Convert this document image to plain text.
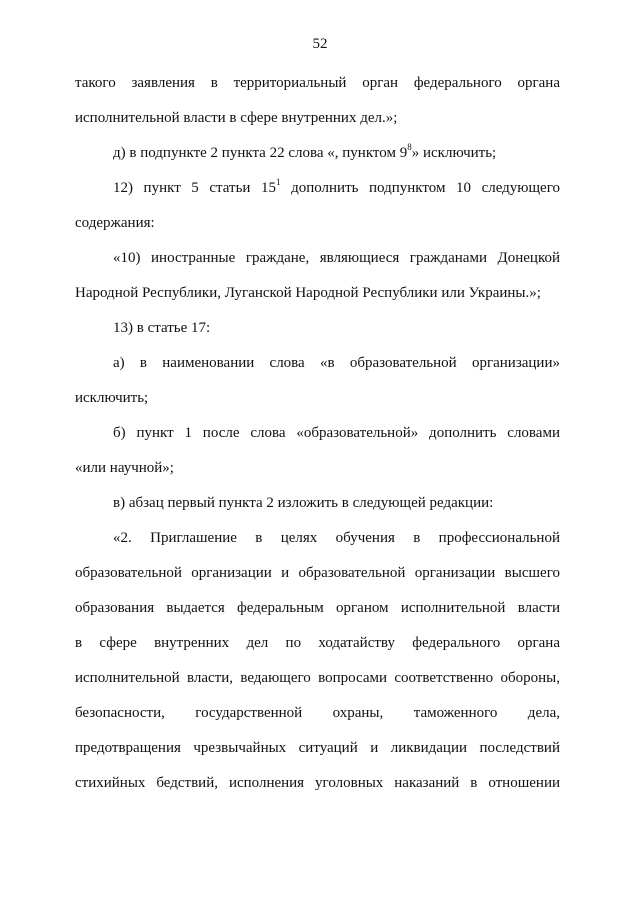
52
такого заявления в территориальный орган федерального органа
исполнительной власти в сфере внутренних дел.»;
д) в подпункте 2 пункта 22 слова «, пунктом $9^8$» исключить;
12) пункт 5 статьи $15^1$ дополнить подпунктом 10 следующего
содержания:
«10) иностранные граждане, являющиеся гражданами Донецкой
Народной Республики, Луганской Народной Республики или Украины.»;
13) в статье 17:
а) в наименовании слова «в образовательной организации»
исключить;
б) пункт 1 после слова «образовательной» дополнить словами
«или научной»;
в) абзац первый пункта 2 изложить в следующей редакции:
«2. Приглашение в целях обучения в профессиональной
образовательной организации и образовательной организации высшего
образования выдается федеральным органом исполнительной власти
в сфере внутренних дел по ходатайству федерального органа
исполнительной власти, ведающего вопросами соответственно обороны,
безопасности, государственной охраны, таможенного дела,
предотвращения чрезвычайных ситуаций и ликвидации последствий
стихийных бедствий, исполнения уголовных наказаний в отношении
